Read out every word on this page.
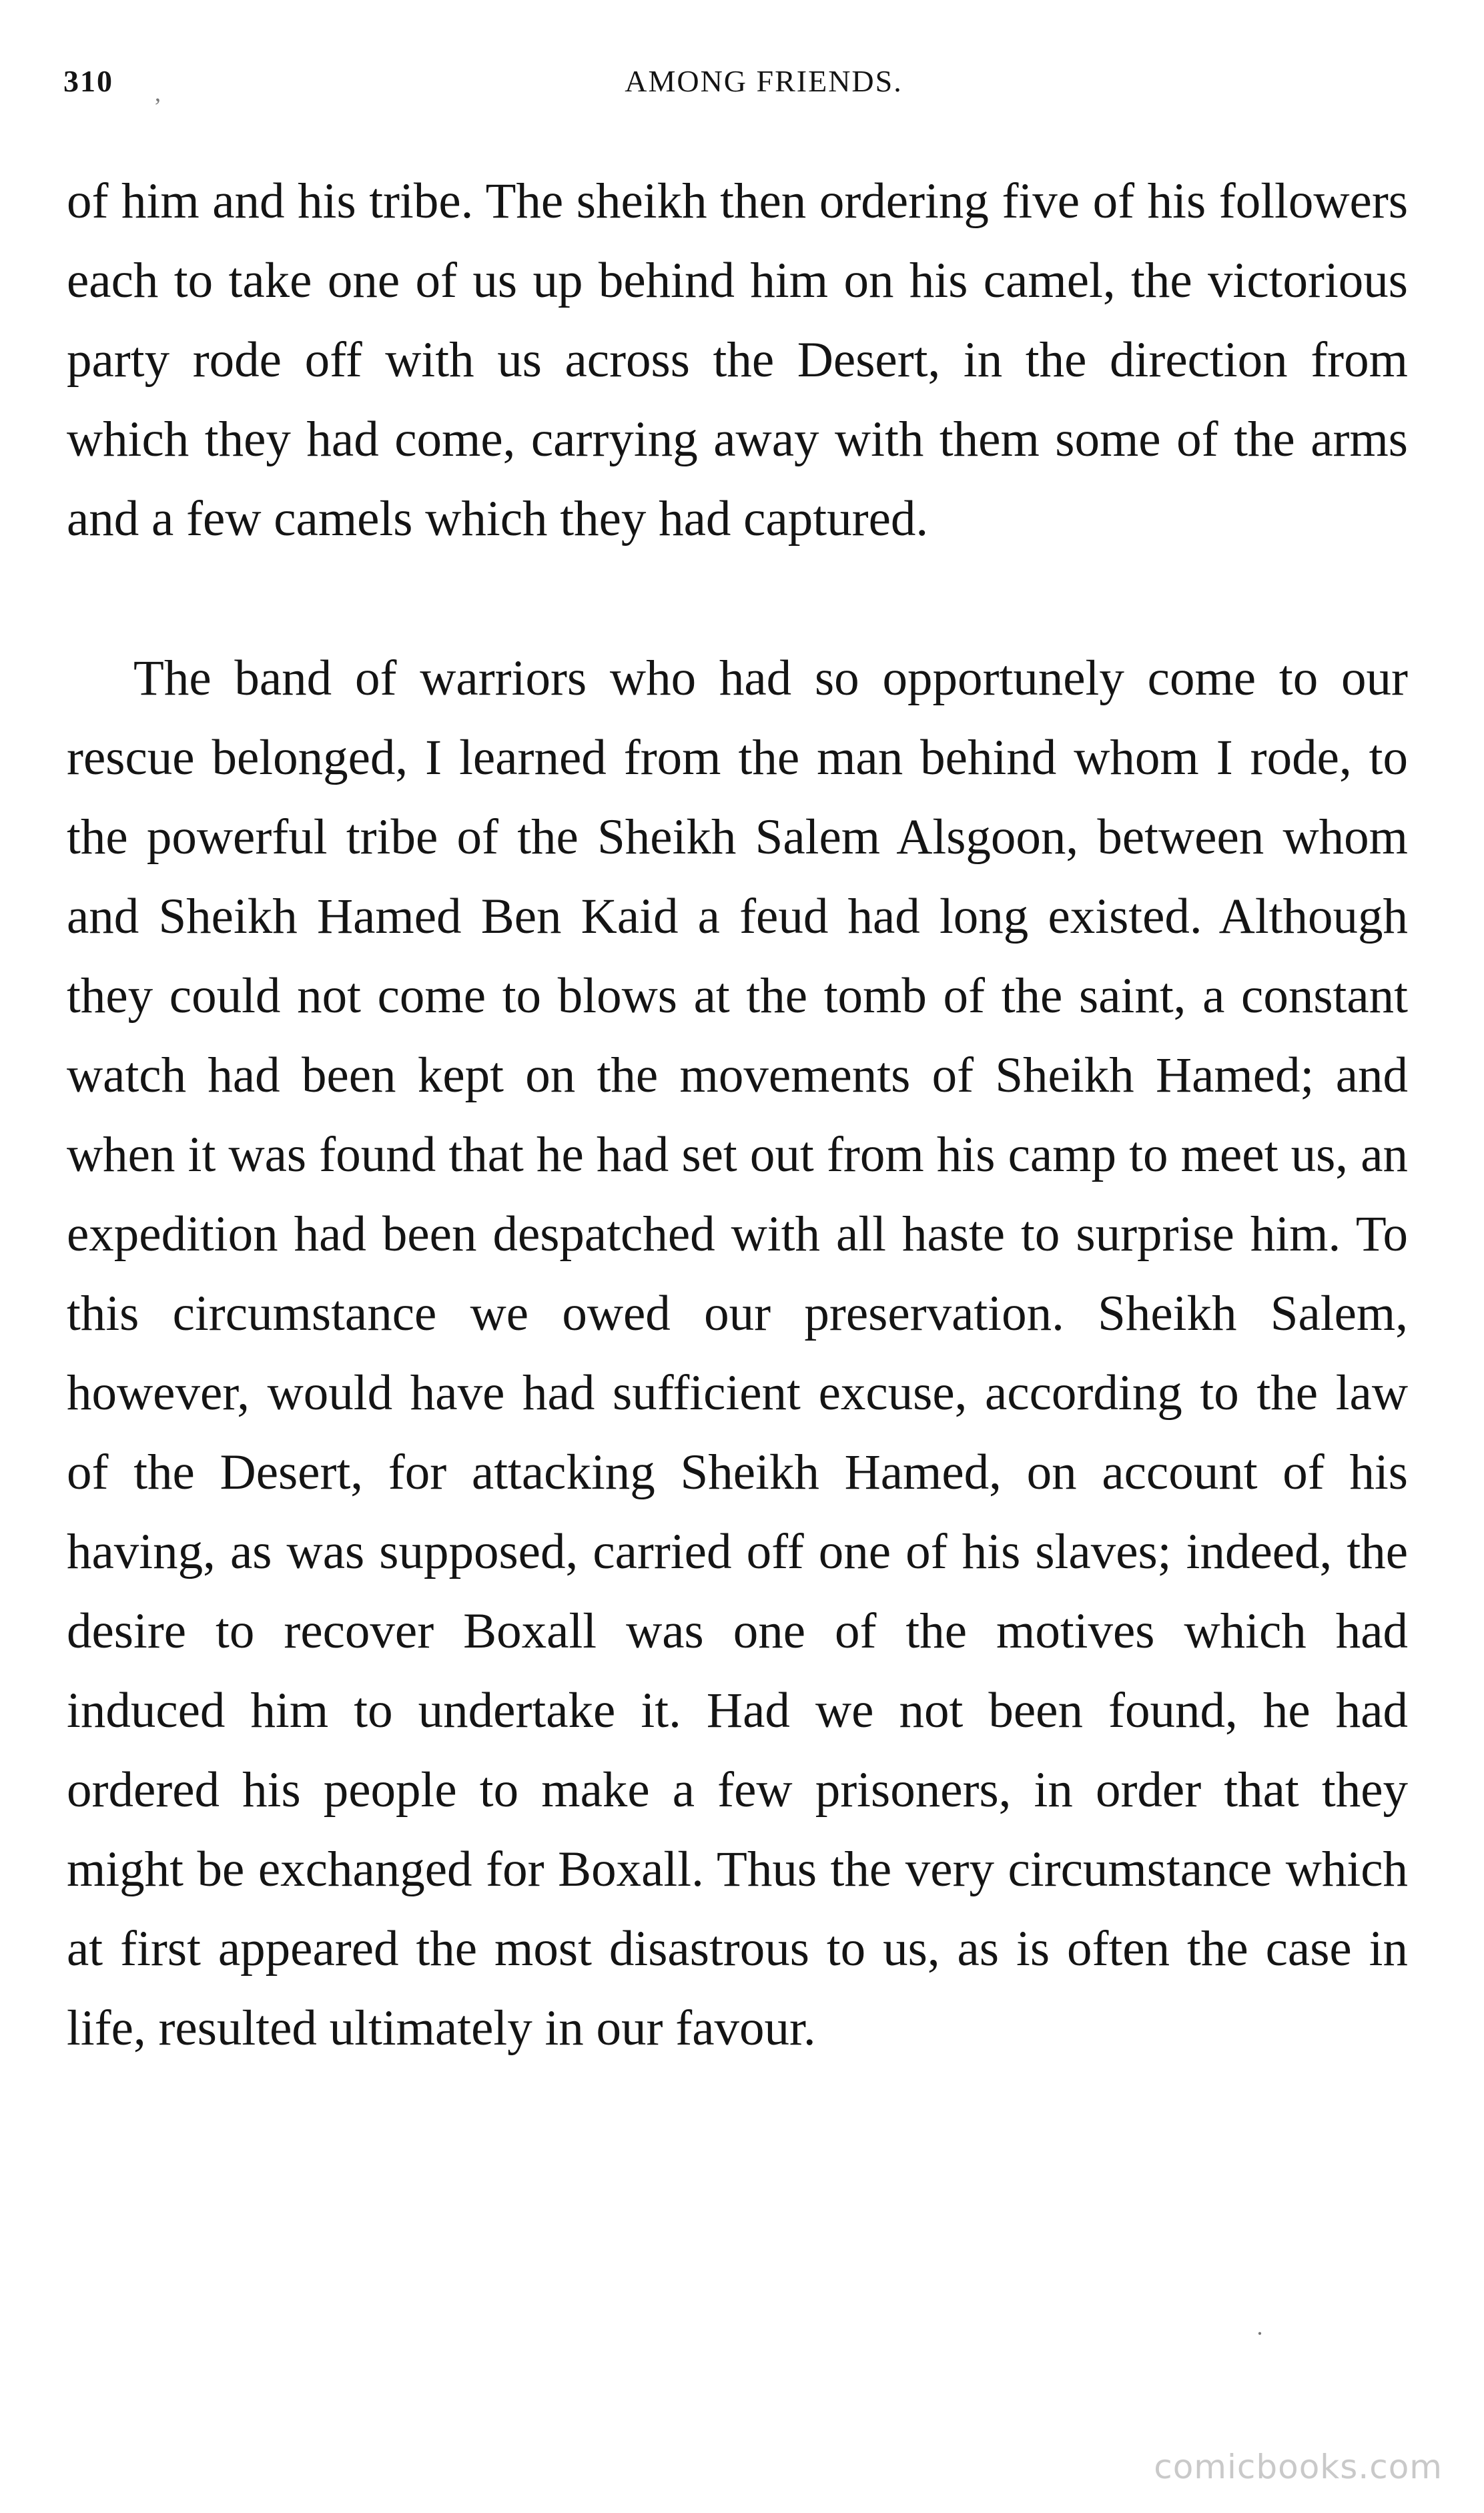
310	AMONG FRIENDS.

of him and his tribe. The sheikh then ordering five of his followers each to take one of us up behind him on his camel, the victorious party rode off with us across the Desert, in the direction from which they had come, carrying away with them some of the arms and a few camels which they had captured.

The band of warriors who had so opportunely come to our rescue belonged, I learned from the man behind whom I rode, to the powerful tribe of the Sheikh Salem Alsgoon, between whom and Sheikh Hamed Ben Kaid a feud had long existed. Although they could not come to blows at the tomb of the saint, a constant watch had been kept on the movements of Sheikh Hamed; and when it was found that he had set out from his camp to meet us, an expedition had been despatched with all haste to surprise him. To this circumstance we owed our preservation. Sheikh Salem, however, would have had sufficient excuse, according to the law of the Desert, for attacking Sheikh Hamed, on account of his having, as was supposed, carried off one of his slaves; indeed, the desire to recover Boxall was one of the motives which had induced him to undertake it. Had we not been found, he had ordered his people to make a few prisoners, in order that they might be exchanged for Boxall. Thus the very circumstance which at first appeared the most disastrous to us, as is often the case in life, resulted ultimately in our favour.

,
·
comicbooks.com
